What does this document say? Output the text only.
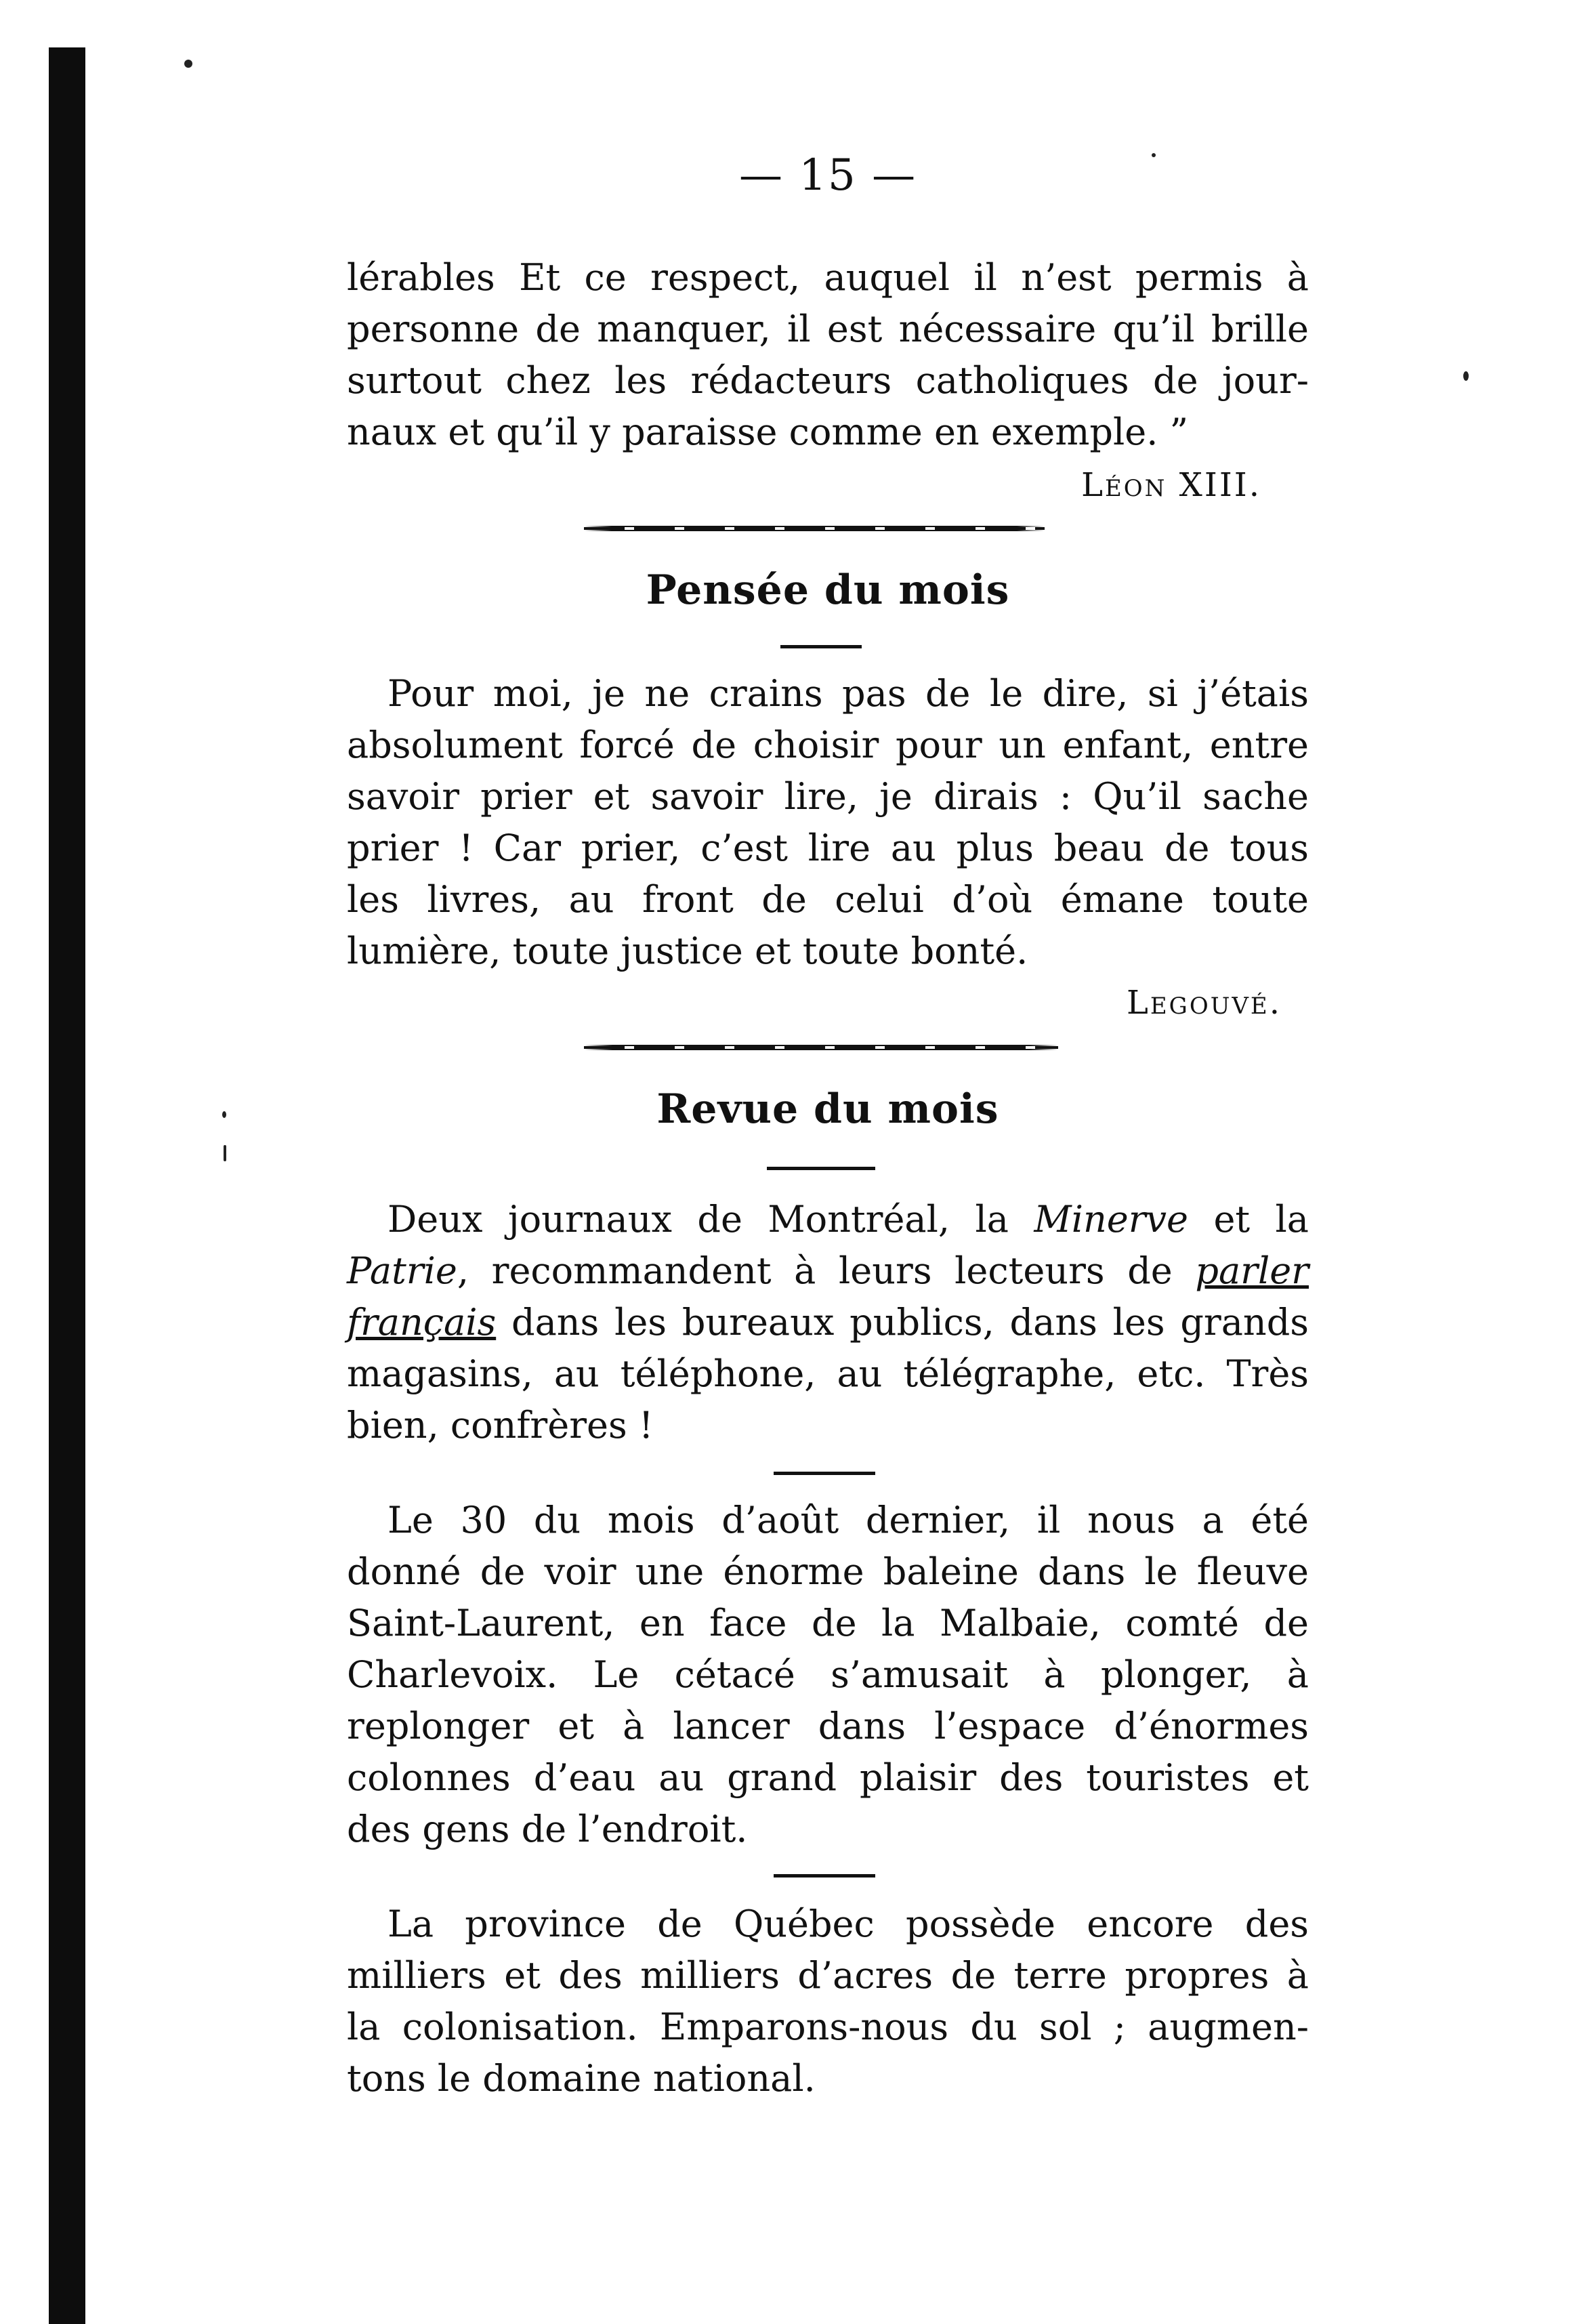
— 15 —
lérables Et ce respect, auquel il n’est permis à
personne de manquer, il est nécessaire qu’il brille
surtout chez les rédacteurs catholiques de jour-
naux et qu’il y paraisse comme en exemple. ”
Léon XIII.
Pensée du mois
Pour moi, je ne crains pas de le dire, si j’étais
absolument forcé de choisir pour un enfant, entre
savoir prier et savoir lire, je dirais : Qu’il sache
prier ! Car prier, c’est lire au plus beau de tous
les livres, au front de celui d’où émane toute
lumière, toute justice et toute bonté.
Legouvé.
Revue du mois
Deux journaux de Montréal, la Minerve et la
Patrie, recommandent à leurs lecteurs de parler
français dans les bureaux publics, dans les grands
magasins, au téléphone, au télégraphe, etc. Très
bien, confrères !
Le 30 du mois d’août dernier, il nous a été
donné de voir une énorme baleine dans le fleuve
Saint-Laurent, en face de la Malbaie, comté de
Charlevoix. Le cétacé s’amusait à plonger, à
replonger et à lancer dans l’espace d’énormes
colonnes d’eau au grand plaisir des touristes et
des gens de l’endroit.
La province de Québec possède encore des
milliers et des milliers d’acres de terre propres à
la colonisation. Emparons-nous du sol ; augmen-
tons le domaine national.
